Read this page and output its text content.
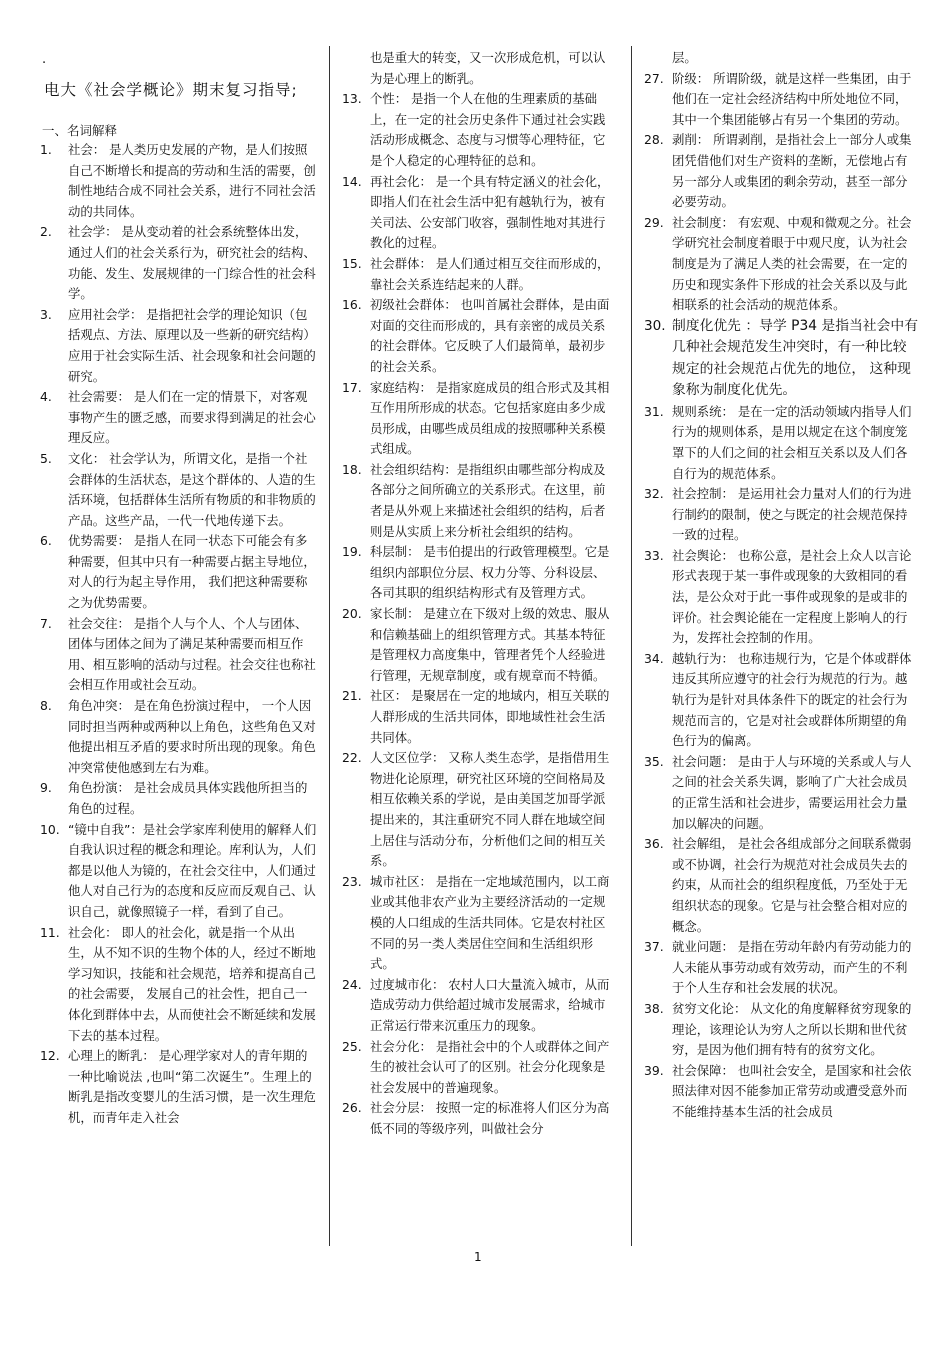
.
电大《社会学概论》期末复习指导;
一、名词解释
1.	社会： 是人类历史发展的产物，是人们按照自己不断增长和提高的劳动和生活的需要，创制性地结合成不同社会关系，进行不同社会活动的共同体。
2.	社会学： 是从变动着的社会系统整体出发，通过人们的社会关系行为，研究社会的结构、功能、发生、发展规律的一门综合性的社会科学。
3.	应用社会学： 是指把社会学的理论知识（包括观点、方法、原理以及一些新的研究结构）应用于社会实际生活、社会现象和社会问题的研究。
4.	社会需要： 是人们在一定的情景下，对客观事物产生的匮乏感，而要求得到满足的社会心理反应。
5.	文化： 社会学认为，所谓文化，是指一个社会群体的生活状态，是这个群体的、人造的生活环境，包括群体生活所有物质的和非物质的产品。这些产品，一代一代地传递下去。
6.	优势需要： 是指人在同一状态下可能会有多种需要，但其中只有一种需要占据主导地位， 对人的行为起主导作用， 我们把这种需要称之为优势需要。
7.	社会交往： 是指个人与个人、个人与团体、团体与团体之间为了满足某种需要而相互作用、相互影响的活动与过程。社会交往也称社会相互作用或社会互动。
8.	角色冲突： 是在角色扮演过程中， 一个人因同时担当两种或两种以上角色，这些角色又对他提出相互矛盾的要求时所出现的现象。角色冲突常使他感到左右为难。
9.	角色扮演： 是社会成员具体实践他所担当的角色的过程。
10. “镜中自我”：是社会学家库利使用的解释人们自我认识过程的概念和理论。库利认为，人们都是以他人为镜的，在社会交往中，人们通过他人对自己行为的态度和反应而反观自己、认识自己，就像照镜子一样，看到了自己。
11. 社会化： 即人的社会化，就是指一个从出生，从不知不识的生物个体的人，经过不断地学习知识，技能和社会规范，培养和提高自己的社会需要， 发展自己的社会性，把自己一体化到群体中去，从而使社会不断延续和发展下去的基本过程。
12. 心理上的断乳： 是心理学家对人的青年期的一种比喻说法 ,也叫“第二次诞生”。生理上的断乳是指改变婴儿的生活习惯，是一次生理危机，而青年走入社会
也是重大的转变，又一次形成危机，可以认为是心理上的断乳。
13. 个性： 是指一个人在他的生理素质的基础上，在一定的社会历史条件下通过社会实践活动形成概念、态度与习惯等心理特征，它是个人稳定的心理特征的总和。
14. 再社会化： 是一个具有特定涵义的社会化，即指人们在社会生活中犯有越轨行为，被有关司法、公安部门收容，强制性地对其进行教化的过程。
15. 社会群体： 是人们通过相互交往而形成的，靠社会关系连结起来的人群。
16. 初级社会群体： 也叫首属社会群体，是由面对面的交往而形成的，具有亲密的成员关系的社会群体。它反映了人们最简单，最初步的社会关系。
17. 家庭结构： 是指家庭成员的组合形式及其相互作用所形成的状态。它包括家庭由多少成员形成，由哪些成员组成的按照哪种关系模式组成。
18. 社会组织结构：是指组织由哪些部分构成及各部分之间所确立的关系形式。在这里，前者是从外观上来描述社会组织的结构，后者则是从实质上来分析社会组织的结构。
19. 科层制： 是韦伯提出的行政管理模型。它是组织内部职位分层、权力分等、分科设层、各司其职的组织结构形式有及管理方式。
20. 家长制： 是建立在下级对上级的效忠、服从和信赖基础上的组织管理方式。其基本特征是管理权力高度集中，管理者凭个人经验进行管理，无规章制度，或有规章而不特循。
21. 社区： 是聚居在一定的地域内，相互关联的人群形成的生活共同体，即地域性社会生活共同体。
22. 人文区位学： 又称人类生态学，是指借用生物进化论原理，研究社区环境的空间格局及相互依赖关系的学说，是由美国芝加哥学派提出来的，其注重研究不同人群在地域空间上居住与活动分布，分析他们之间的相互关系。
23. 城市社区： 是指在一定地域范围内，以工商业或其他非农产业为主要经济活动的一定规模的人口组成的生活共同体。它是农村社区不同的另一类人类居住空间和生活组织形式。
24. 过度城市化： 农村人口大量流入城市，从而造成劳动力供给超过城市发展需求，给城市正常运行带来沉重压力的现象。
25. 社会分化： 是指社会中的个人或群体之间产生的被社会认可了的区别。社会分化现象是社会发展中的普遍现象。
26. 社会分层： 按照一定的标准将人们区分为高低不同的等级序列，叫做社会分
层。
27. 阶级： 所谓阶级，就是这样一些集团，由于他们在一定社会经济结构中所处地位不同，其中一个集团能够占有另一个集团的劳动。
28. 剥削： 所谓剥削，是指社会上一部分人或集团凭借他们对生产资料的垄断，无偿地占有另一部分人或集团的剩余劳动，甚至一部分必要劳动。
29. 社会制度： 有宏观、中观和微观之分。社会学研究社会制度着眼于中观尺度，认为社会制度是为了满足人类的社会需要，在一定的历史和现实条件下形成的社会关系以及与此相联系的社会活动的规范体系。
30. 制度化优先 ：导学 P34 是指当社会中有几种社会规范发生冲突时，有一种比较规定的社会规范占优先的地位， 这种现象称为制度化优先。
31. 规则系统： 是在一定的活动领域内指导人们行为的规则体系，是用以规定在这个制度笼罩下的人们之间的社会相互关系以及人们各自行为的规范体系。
32. 社会控制： 是运用社会力量对人们的行为进行制约的限制，使之与既定的社会规范保持一致的过程。
33. 社会舆论： 也称公意，是社会上众人以言论形式表现于某一事件或现象的大致相同的看法，是公众对于此一事件或现象的是或非的评价。社会舆论能在一定程度上影响人的行为，发挥社会控制的作用。
34. 越轨行为： 也称违规行为，它是个体或群体违反其所应遵守的社会行为规范的行为。越轨行为是针对具体条件下的既定的社会行为规范而言的，它是对社会或群体所期望的角色行为的偏离。
35. 社会问题： 是由于人与环境的关系或人与人之间的社会关系失调，影响了广大社会成员的正常生活和社会进步，需要运用社会力量加以解决的问题。
36. 社会解组， 是社会各组成部分之间联系微弱或不协调，社会行为规范对社会成员失去的约束，从而社会的组织程度低，乃至处于无组织状态的现象。它是与社会整合相对应的概念。
37. 就业问题： 是指在劳动年龄内有劳动能力的人未能从事劳动或有效劳动，而产生的不利于个人生存和社会发展的状况。
38. 贫穷文化论： 从文化的角度解释贫穷现象的理论，该理论认为穷人之所以长期和世代贫穷，是因为他们拥有特有的贫穷文化。
39. 社会保障： 也叫社会安全，是国家和社会依照法律对因不能参加正常劳动或遭受意外而不能维持基本生活的社会成员
1
